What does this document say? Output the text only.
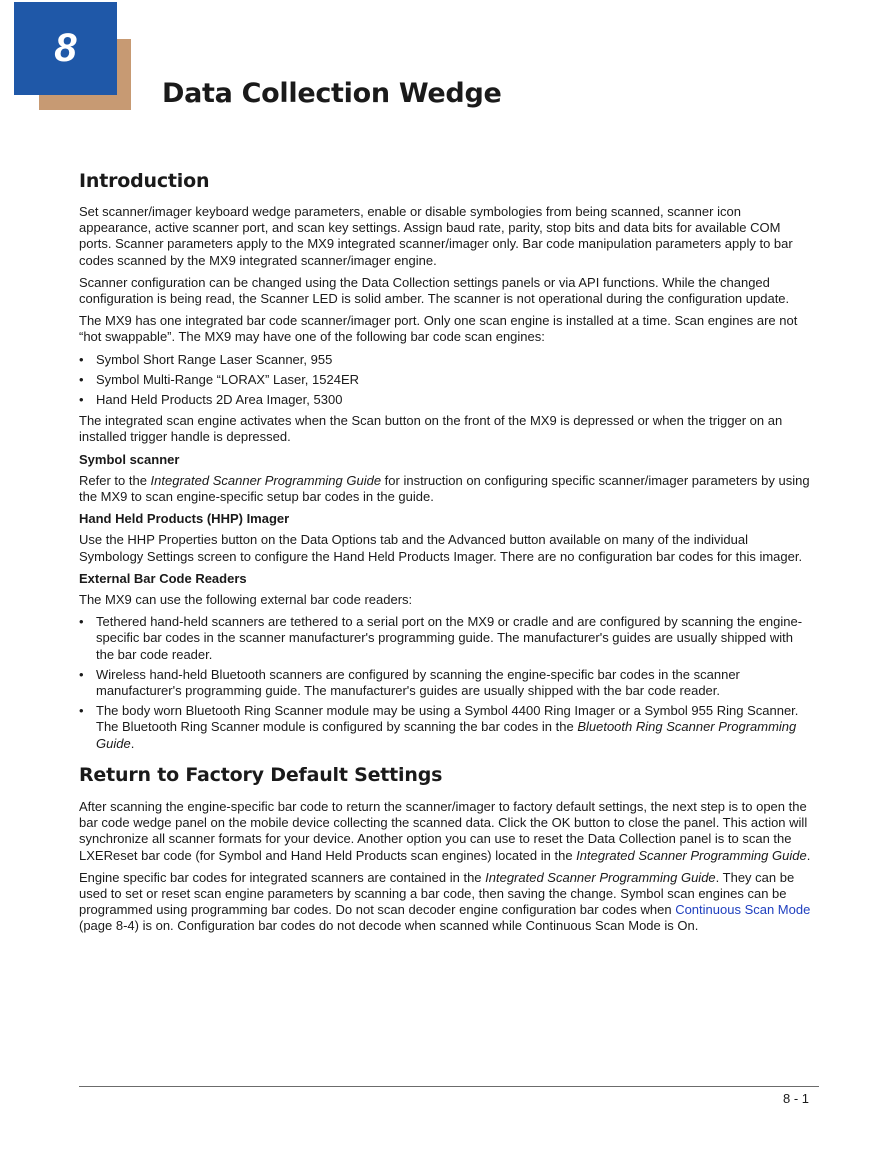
8
Data Collection Wedge
Introduction

Set scanner/imager keyboard wedge parameters, enable or disable symbologies from being scanned, scanner icon appearance, active scanner port, and scan key settings. Assign baud rate, parity, stop bits and data bits for available COM ports. Scanner parameters apply to the MX9 integrated scanner/imager only. Bar code manipulation parameters apply to bar codes scanned by the MX9 integrated scanner/imager engine.

Scanner configuration can be changed using the Data Collection settings panels or via API functions. While the changed configuration is being read, the Scanner LED is solid amber. The scanner is not operational during the configuration update.

The MX9 has one integrated bar code scanner/imager port. Only one scan engine is installed at a time. Scan engines are not “hot swappable”. The MX9 may have one of the following bar code scan engines:

• Symbol Short Range Laser Scanner, 955
• Symbol Multi-Range “LORAX” Laser, 1524ER
• Hand Held Products 2D Area Imager, 5300

The integrated scan engine activates when the Scan button on the front of the MX9 is depressed or when the trigger on an installed trigger handle is depressed.

Symbol scanner

Refer to the Integrated Scanner Programming Guide for instruction on configuring specific scanner/imager parameters by using the MX9 to scan engine-specific setup bar codes in the guide.

Hand Held Products (HHP) Imager

Use the HHP Properties button on the Data Options tab and the Advanced button available on many of the individual Symbology Settings screen to configure the Hand Held Products Imager. There are no configuration bar codes for this imager.

External Bar Code Readers

The MX9 can use the following external bar code readers:

• Tethered hand-held scanners are tethered to a serial port on the MX9 or cradle and are configured by scanning the engine-specific bar codes in the scanner manufacturer's programming guide. The manufacturer's guides are usually shipped with the bar code reader.
• Wireless hand-held Bluetooth scanners are configured by scanning the engine-specific bar codes in the scanner manufacturer's programming guide. The manufacturer's guides are usually shipped with the bar code reader.
• The body worn Bluetooth Ring Scanner module may be using a Symbol 4400 Ring Imager or a Symbol 955 Ring Scanner. The Bluetooth Ring Scanner module is configured by scanning the bar codes in the Bluetooth Ring Scanner Programming Guide.
Return to Factory Default Settings

After scanning the engine-specific bar code to return the scanner/imager to factory default settings, the next step is to open the bar code wedge panel on the mobile device collecting the scanned data. Click the OK button to close the panel. This action will synchronize all scanner formats for your device. Another option you can use to reset the Data Collection panel is to scan the LXEReset bar code (for Symbol and Hand Held Products scan engines) located in the Integrated Scanner Programming Guide.

Engine specific bar codes for integrated scanners are contained in the Integrated Scanner Programming Guide. They can be used to set or reset scan engine parameters by scanning a bar code, then saving the change. Symbol scan engines can be programmed using programming bar codes. Do not scan decoder engine configuration bar codes when Continuous Scan Mode (page 8-4) is on. Configuration bar codes do not decode when scanned while Continuous Scan Mode is On.

8 - 1
